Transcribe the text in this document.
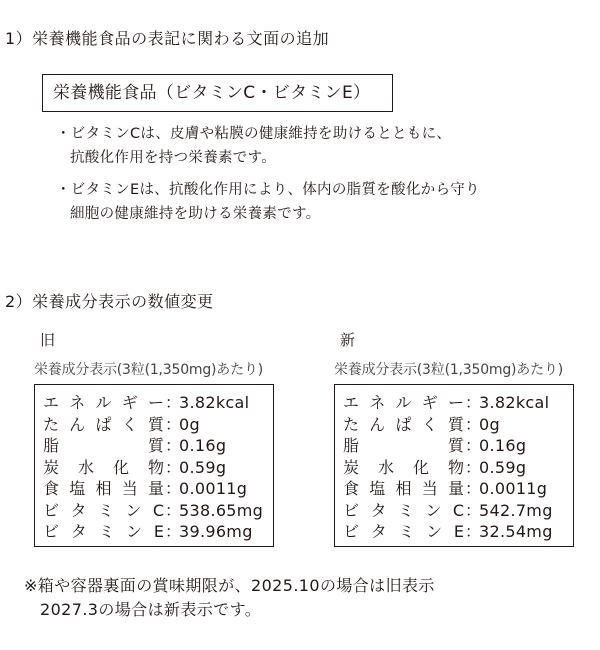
1）栄養機能食品の表記に関わる文面の追加
栄養機能食品（ビタミンC・ビタミンE）
・ビタミンCは、皮膚や粘膜の健康維持を助けるとともに、
抗酸化作用を持つ栄養素です。
・ビタミンEは、抗酸化作用により、体内の脂質を酸化から守り
細胞の健康維持を助ける栄養素です。
2）栄養成分表示の数値変更
旧	新
栄養成分表示(3粒(1,350mg)あたり)	栄養成分表示(3粒(1,350mg)あたり)
エネルギー：3.82kcal
たんぱく質：0g
脂質：0.16g
炭水化物：0.59g
食塩相当量：0.0011g
ビタミンC：538.65mg
ビタミンE：39.96mg
エネルギー：3.82kcal
たんぱく質：0g
脂質：0.16g
炭水化物：0.59g
食塩相当量：0.0011g
ビタミンC：542.7mg
ビタミンE：32.54mg
※箱や容器裏面の賞味期限が、2025.10の場合は旧表示
2027.3の場合は新表示です。
